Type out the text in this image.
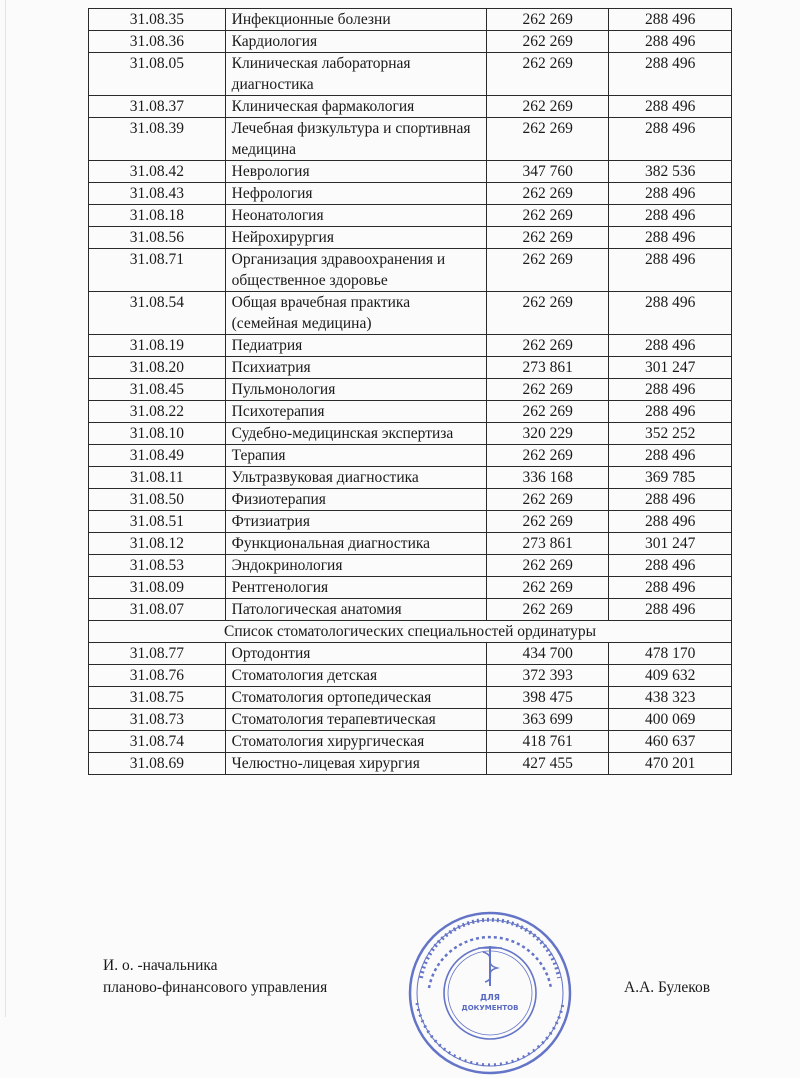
31.08.35	Инфекционные болезни	262 269	288 496
31.08.36	Кардиология	262 269	288 496
31.08.05	Клиническая лабораторная диагностика	262 269	288 496
31.08.37	Клиническая фармакология	262 269	288 496
31.08.39	Лечебная физкультура и спортивная медицина	262 269	288 496
31.08.42	Неврология	347 760	382 536
31.08.43	Нефрология	262 269	288 496
31.08.18	Неонатология	262 269	288 496
31.08.56	Нейрохирургия	262 269	288 496
31.08.71	Организация здравоохранения и общественное здоровье	262 269	288 496
31.08.54	Общая врачебная практика (семейная медицина)	262 269	288 496
31.08.19	Педиатрия	262 269	288 496
31.08.20	Психиатрия	273 861	301 247
31.08.45	Пульмонология	262 269	288 496
31.08.22	Психотерапия	262 269	288 496
31.08.10	Судебно-медицинская экспертиза	320 229	352 252
31.08.49	Терапия	262 269	288 496
31.08.11	Ультразвуковая диагностика	336 168	369 785
31.08.50	Физиотерапия	262 269	288 496
31.08.51	Фтизиатрия	262 269	288 496
31.08.12	Функциональная диагностика	273 861	301 247
31.08.53	Эндокринология	262 269	288 496
31.08.09	Рентгенология	262 269	288 496
31.08.07	Патологическая анатомия	262 269	288 496
Список стоматологических специальностей ординатуры			
31.08.77	Ортодонтия	434 700	478 170
31.08.76	Стоматология детская	372 393	409 632
31.08.75	Стоматология ортопедическая	398 475	438 323
31.08.73	Стоматология терапевтическая	363 699	400 069
31.08.74	Стоматология хирургическая	418 761	460 637
31.08.69	Челюстно-лицевая хирургия	427 455	470 201
И. о. -начальника
планово-финансового управления	А.А. Булеков
ДЛЯ
ДОКУМЕНТОВ
